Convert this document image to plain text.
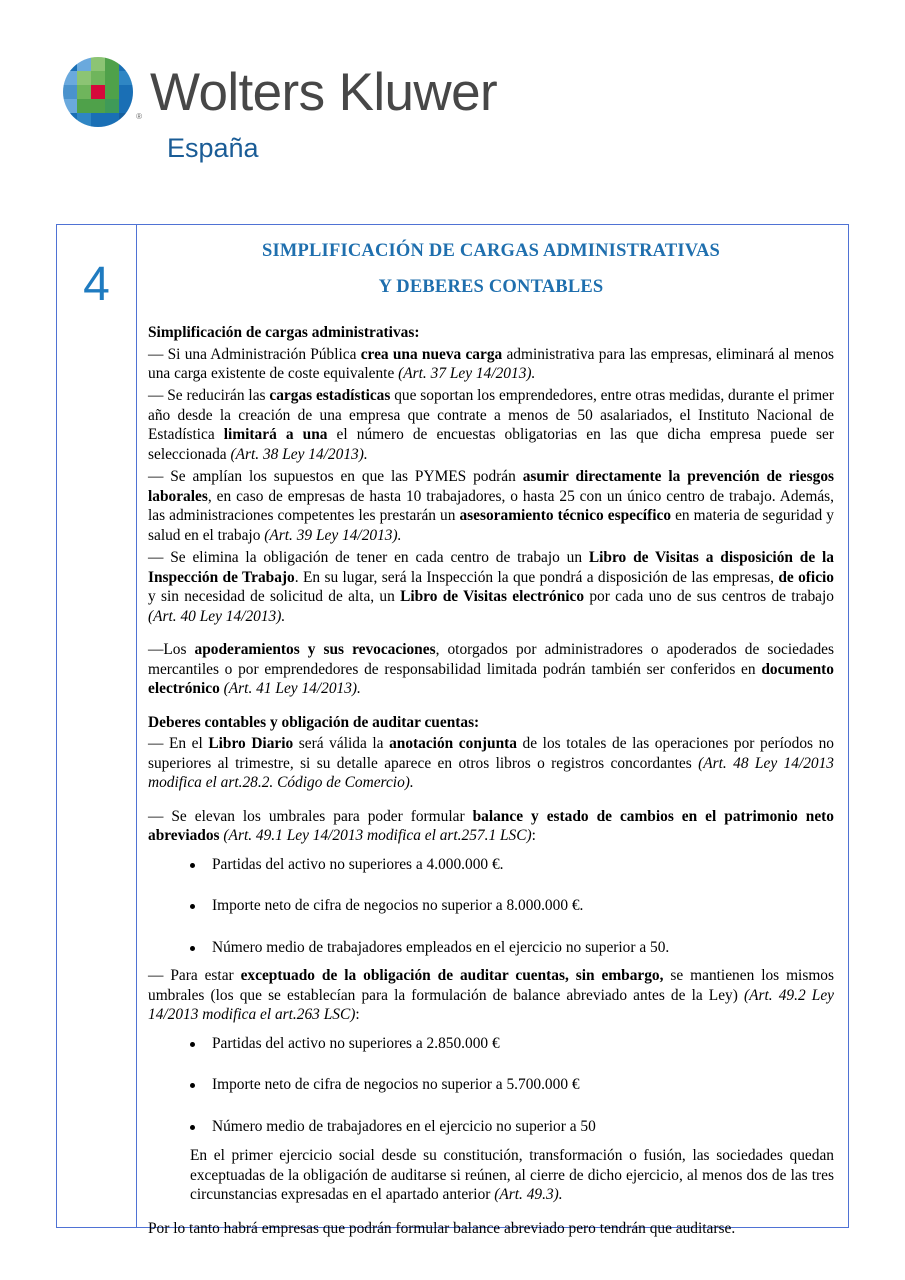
® Wolters Kluwer
España
4
SIMPLIFICACIÓN DE CARGAS ADMINISTRATIVAS
Y DEBERES CONTABLES

Simplificación de cargas administrativas:

— Si una Administración Pública crea una nueva carga administrativa para las empresas, eliminará al menos una carga existente de coste equivalente (Art. 37 Ley 14/2013).

— Se reducirán las cargas estadísticas que soportan los emprendedores, entre otras medidas, durante el primer año desde la creación de una empresa que contrate a menos de 50 asalariados, el Instituto Nacional de Estadística limitará a una el número de encuestas obligatorias en las que dicha empresa puede ser seleccionada (Art. 38 Ley 14/2013).

— Se amplían los supuestos en que las PYMES podrán asumir directamente la prevención de riesgos laborales, en caso de empresas de hasta 10 trabajadores, o hasta 25 con un único centro de trabajo. Además, las administraciones competentes les prestarán un asesoramiento técnico específico en materia de seguridad y salud en el trabajo (Art. 39 Ley 14/2013).

— Se elimina la obligación de tener en cada centro de trabajo un Libro de Visitas a disposición de la Inspección de Trabajo. En su lugar, será la Inspección la que pondrá a disposición de las empresas, de oficio y sin necesidad de solicitud de alta, un Libro de Visitas electrónico por cada uno de sus centros de trabajo (Art. 40 Ley 14/2013).

—Los apoderamientos y sus revocaciones, otorgados por administradores o apoderados de sociedades mercantiles o por emprendedores de responsabilidad limitada podrán también ser conferidos en documento electrónico (Art. 41 Ley 14/2013).

Deberes contables y obligación de auditar cuentas:

— En el Libro Diario será válida la anotación conjunta de los totales de las operaciones por períodos no superiores al trimestre, si su detalle aparece en otros libros o registros concordantes (Art. 48 Ley 14/2013 modifica el art.28.2. Código de Comercio).

— Se elevan los umbrales para poder formular balance y estado de cambios en el patrimonio neto abreviados (Art. 49.1 Ley 14/2013 modifica el art.257.1 LSC):

Partidas del activo no superiores a 4.000.000 €.
Importe neto de cifra de negocios no superior a 8.000.000 €.
Número medio de trabajadores empleados en el ejercicio no superior a 50.

— Para estar exceptuado de la obligación de auditar cuentas, sin embargo, se mantienen los mismos umbrales (los que se establecían para la formulación de balance abreviado antes de la Ley) (Art. 49.2 Ley 14/2013 modifica el art.263 LSC):

Partidas del activo no superiores a 2.850.000 €
Importe neto de cifra de negocios no superior a 5.700.000 €
Número medio de trabajadores en el ejercicio no superior a 50

En el primer ejercicio social desde su constitución, transformación o fusión, las sociedades quedan exceptuadas de la obligación de auditarse si reúnen, al cierre de dicho ejercicio, al menos dos de las tres circunstancias expresadas en el apartado anterior (Art. 49.3).

Por lo tanto habrá empresas que podrán formular balance abreviado pero tendrán que auditarse.
